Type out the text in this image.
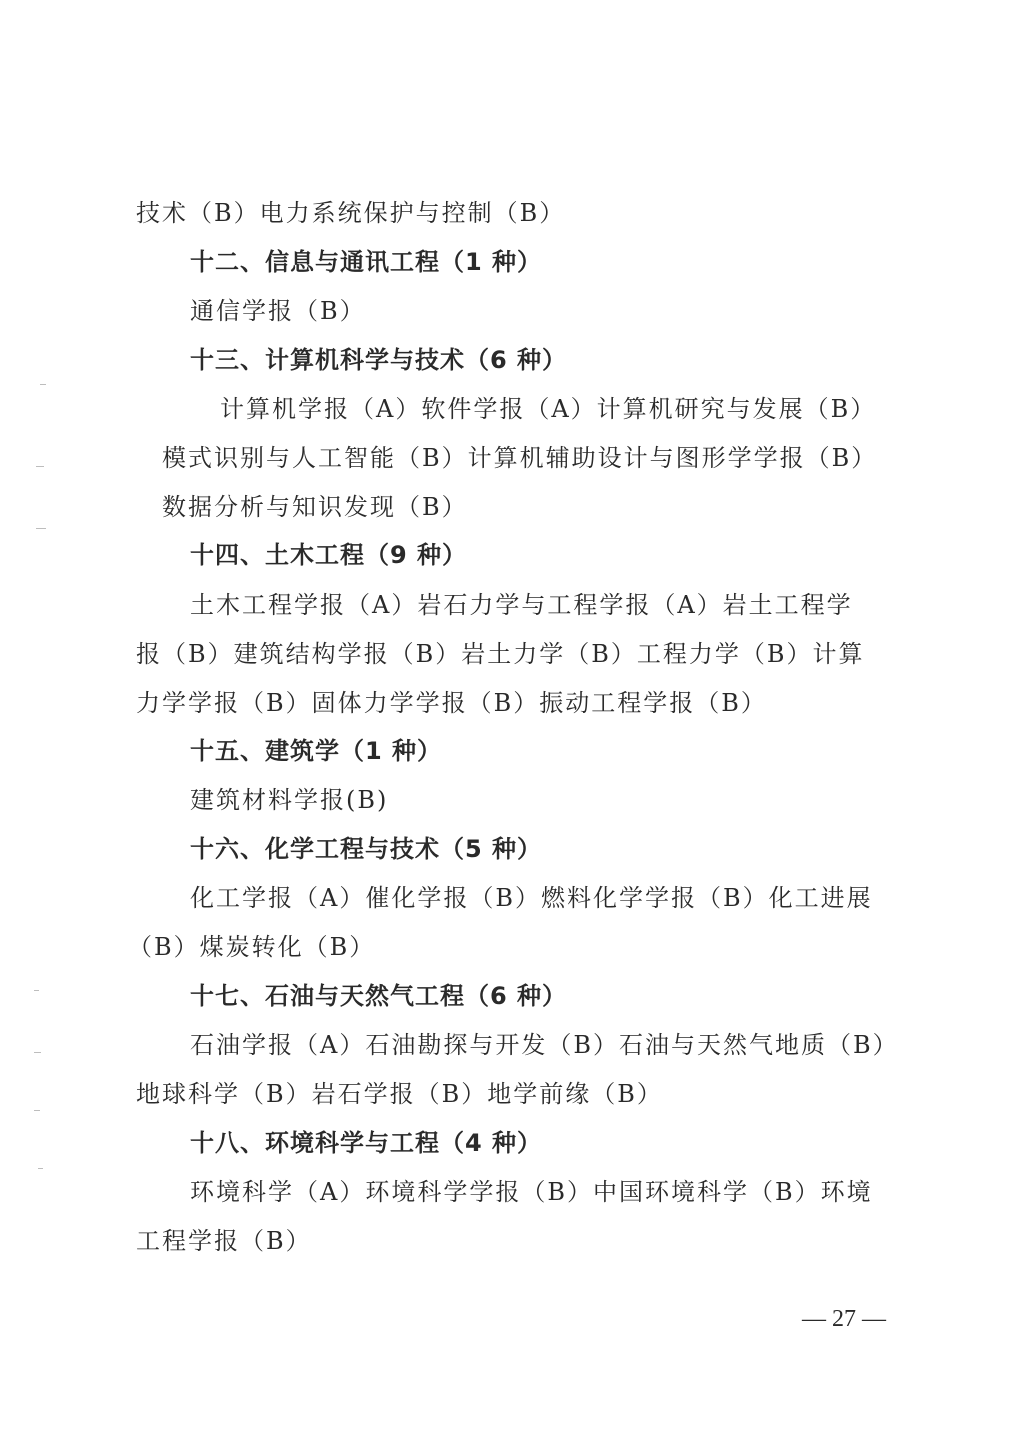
技术（B）电力系统保护与控制（B）
十二、信息与通讯工程（1 种）
通信学报（B）
十三、计算机科学与技术（6 种）
计算机学报（A）软件学报（A）计算机研究与发展（B）
模式识别与人工智能（B）计算机辅助设计与图形学学报（B）
数据分析与知识发现（B）
十四、土木工程（9 种）
土木工程学报（A）岩石力学与工程学报（A）岩土工程学
报（B）建筑结构学报（B）岩土力学（B）工程力学（B）计算
力学学报（B）固体力学学报（B）振动工程学报（B）
十五、建筑学（1 种）
建筑材料学报(B)
十六、化学工程与技术（5 种）
化工学报（A）催化学报（B）燃料化学学报（B）化工进展
（B）煤炭转化（B）
十七、石油与天然气工程（6 种）
石油学报（A）石油勘探与开发（B）石油与天然气地质（B）
地球科学（B）岩石学报（B）地学前缘（B）
十八、环境科学与工程（4 种）
环境科学（A）环境科学学报（B）中国环境科学（B）环境
工程学报（B）
— 27 —
